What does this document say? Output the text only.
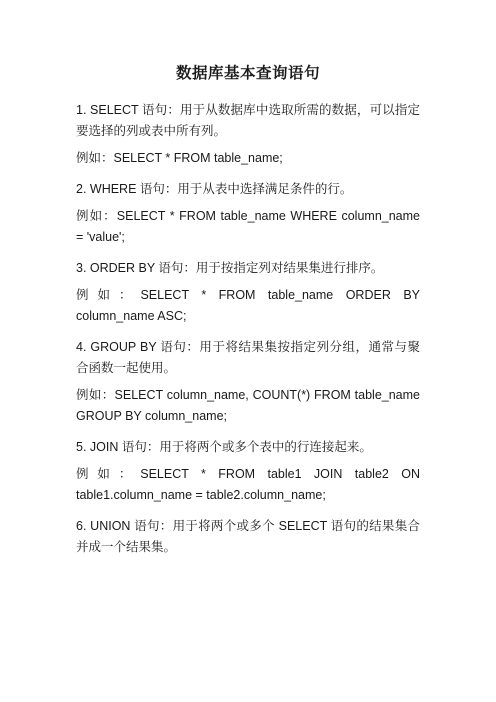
数据库基本查询语句

1. SELECT 语句：用于从数据库中选取所需的数据，可以指定要选择的列或表中所有列。

例如：SELECT * FROM table_name;

2. WHERE 语句：用于从表中选择满足条件的行。

例如：SELECT * FROM table_name WHERE column_name = 'value';

3. ORDER BY 语句：用于按指定列对结果集进行排序。

例如：SELECT * FROM table_name ORDER BY column_name ASC;

4. GROUP BY 语句：用于将结果集按指定列分组，通常与聚合函数一起使用。

例如：SELECT column_name, COUNT(*) FROM table_name GROUP BY column_name;

5. JOIN 语句：用于将两个或多个表中的行连接起来。

例如：SELECT * FROM table1 JOIN table2 ON table1.column_name = table2.column_name;

6. UNION 语句：用于将两个或多个 SELECT 语句的结果集合并成一个结果集。
